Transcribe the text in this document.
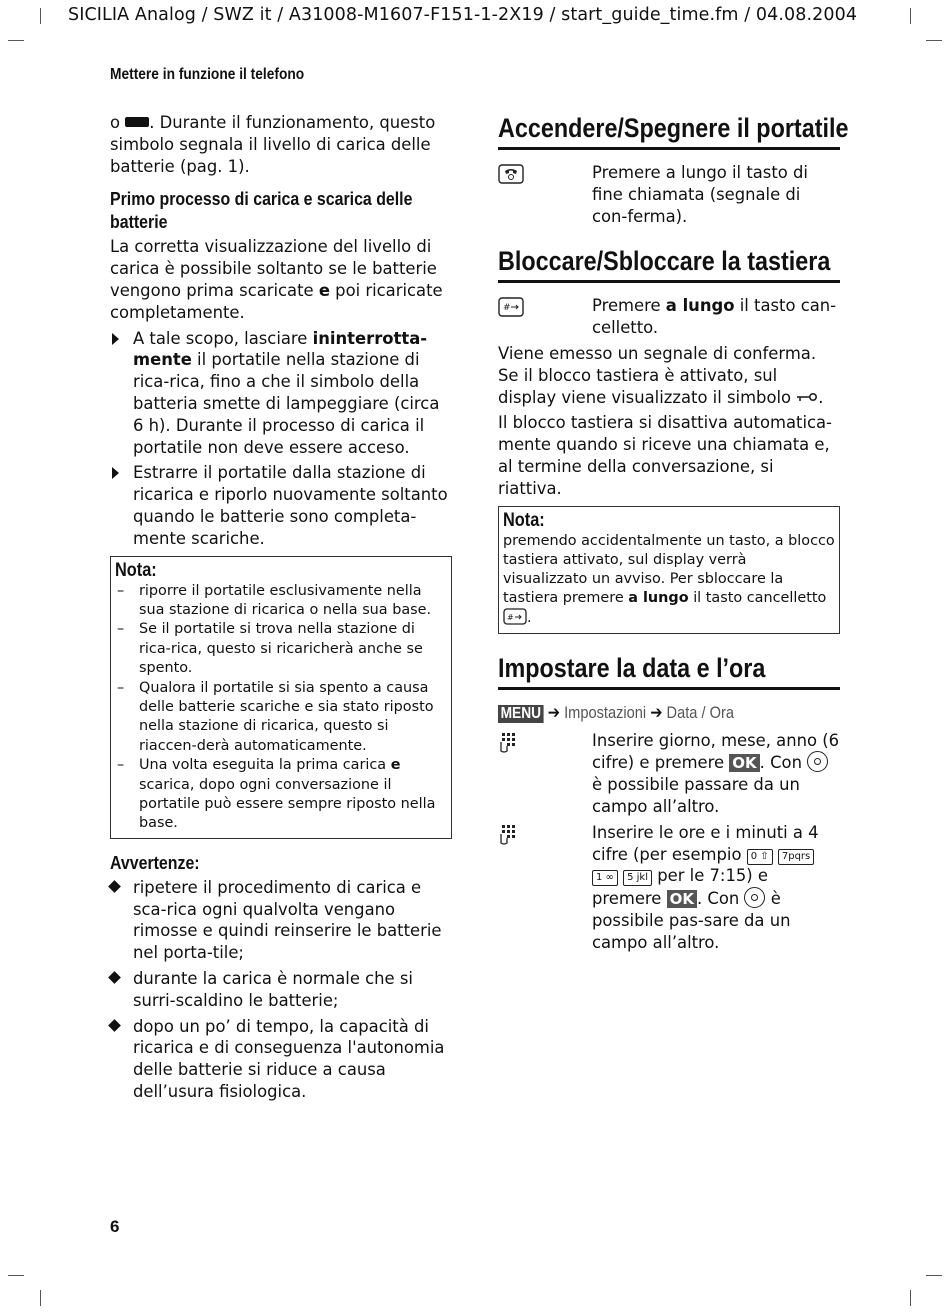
SICILIA Analog / SWZ it / A31008-M1607-F151-1-2X19 / start_guide_time.fm / 04.08.2004
Mettere in funzione il telefono

o . Durante il funzionamento, questo simbolo segnala il livello di carica delle batterie (pag. 1).

Primo processo di carica e scarica delle batterie

La corretta visualizzazione del livello di carica è possibile soltanto se le batterie vengono prima scaricate e poi ricaricate completamente.

A tale scopo, lasciare ininterrotta-mente il portatile nella stazione di rica-rica, fino a che il simbolo della batteria smette di lampeggiare (circa 6 h). Durante il processo di carica il portatile non deve essere acceso.

Estrarre il portatile dalla stazione di ricarica e riporlo nuovamente soltanto quando le batterie sono completa-mente scariche.

Nota:
– riporre il portatile esclusivamente nella sua stazione di ricarica o nella sua base.
– Se il portatile si trova nella stazione di rica-rica, questo si ricaricherà anche se spento.
– Qualora il portatile si sia spento a causa delle batterie scariche e sia stato riposto nella stazione di ricarica, questo si riaccen-derà automaticamente.
– Una volta eseguita la prima carica e scarica, dopo ogni conversazione il portatile può essere sempre riposto nella base.
Avvertenze:

ripetere il procedimento di carica e sca-rica ogni qualvolta vengano rimosse e quindi reinserire le batterie nel porta-tile;

durante la carica è normale che si surri-scaldino le batterie;

dopo un po’ di tempo, la capacità di ricarica e di conseguenza l'autonomia delle batterie si riduce a causa dell’usura fisiologica.

Accendere/Spegnere il portatile

Premere a lungo il tasto di fine chiamata (segnale di con-ferma).

Bloccare/Sbloccare la tastiera
#	Premere a lungo il tasto can-celletto.

Viene emesso un segnale di conferma. Se il blocco tastiera è attivato, sul display viene visualizzato il simbolo .

Il blocco tastiera si disattiva automatica-mente quando si riceve una chiamata e, al termine della conversazione, si riattiva.

Nota:
premendo accidentalmente un tasto, a blocco tastiera attivato, sul display verrà visualizzato un avviso. Per sbloccare la tastiera premere a lungo il tasto cancelletto
# .
Impostare la data e l’ora
MENU ➔ Impostazioni ➔ Data / Ora

Inserire giorno, mese, anno (6 cifre) e premere OK . Con  è possibile passare da un campo all’altro.

Inserire le ore e i minuti a 4 cifre (per esempio 0 ⇧ 7pqrs 1 ∞ 5 jkl per le 7:15) e premere OK . Con è possibile pas-sare da un campo all’altro.

6
